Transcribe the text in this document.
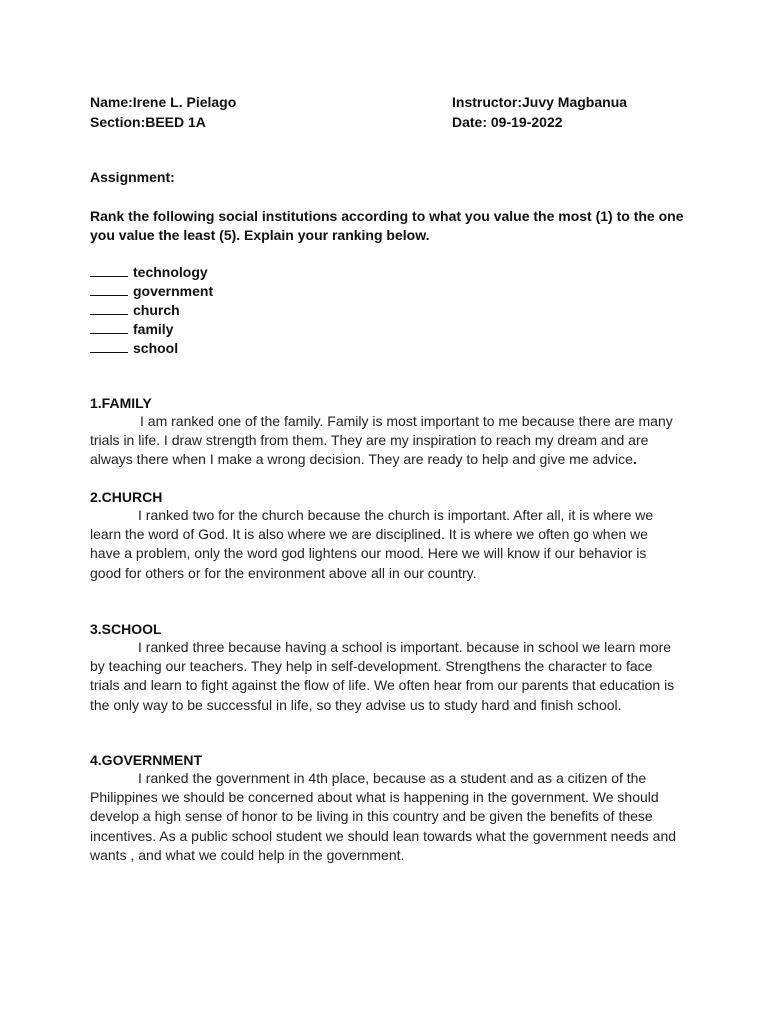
Name:Irene L. Pielago	Instructor:Juvy Magbanua
Section:BEED 1A	Date: 09-19-2022
Assignment:
Rank the following social institutions according to what you value the most (1) to the one
you value the least (5). Explain your ranking below.
technology
government
church
family
school
1.FAMILY

I am ranked one of the family. Family is most important to me because there are many trials in life. I draw strength from them. They are my inspiration to reach my dream and are always there when I make a wrong decision. They are ready to help and give me advice.

2.CHURCH

I ranked two for the church because the church is important. After all, it is where we learn the word of God. It is also where we are disciplined. It is where we often go when we have a problem, only the word god lightens our mood. Here we will know if our behavior is good for others or for the environment above all in our country.

3.SCHOOL

I ranked three because having a school is important. because in school we learn more by teaching our teachers. They help in self-development. Strengthens the character to face trials and learn to fight against the flow of life. We often hear from our parents that education is the only way to be successful in life, so they advise us to study hard and finish school.

4.GOVERNMENT

I ranked the government in 4th place, because as a student and as a citizen of the Philippines we should be concerned about what is happening in the government. We should develop a high sense of honor to be living in this country and be given the benefits of these incentives. As a public school student we should lean towards what the government needs and wants , and what we could help in the government.
